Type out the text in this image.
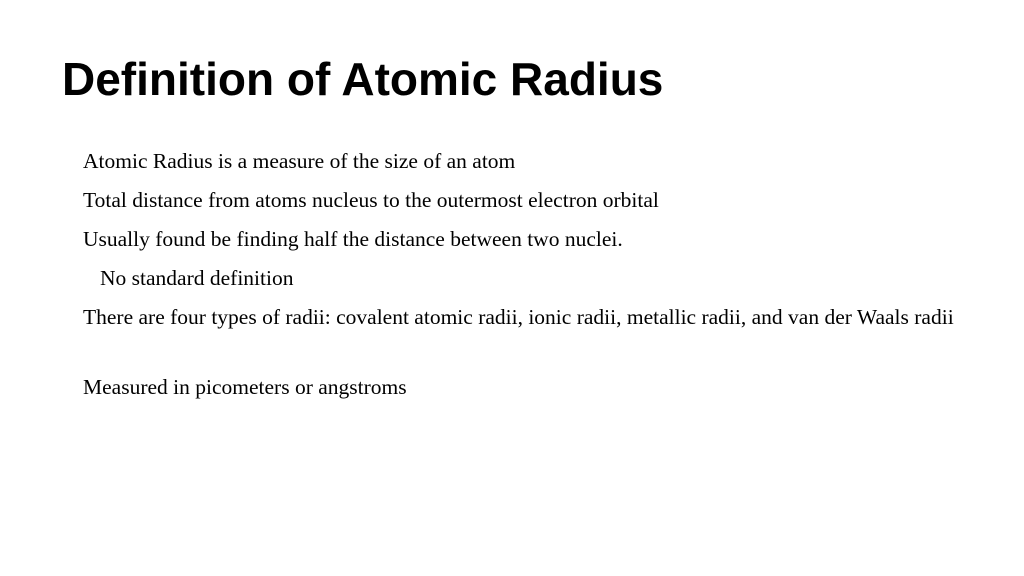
Definition of Atomic Radius
Atomic Radius is a measure of the size of an atom
Total distance from atoms nucleus to the outermost electron orbital
Usually found be finding half the distance between two nuclei.
No standard definition
There are four types of radii: covalent atomic radii, ionic radii, metallic radii, and van der Waals radii
Measured in picometers or angstroms
